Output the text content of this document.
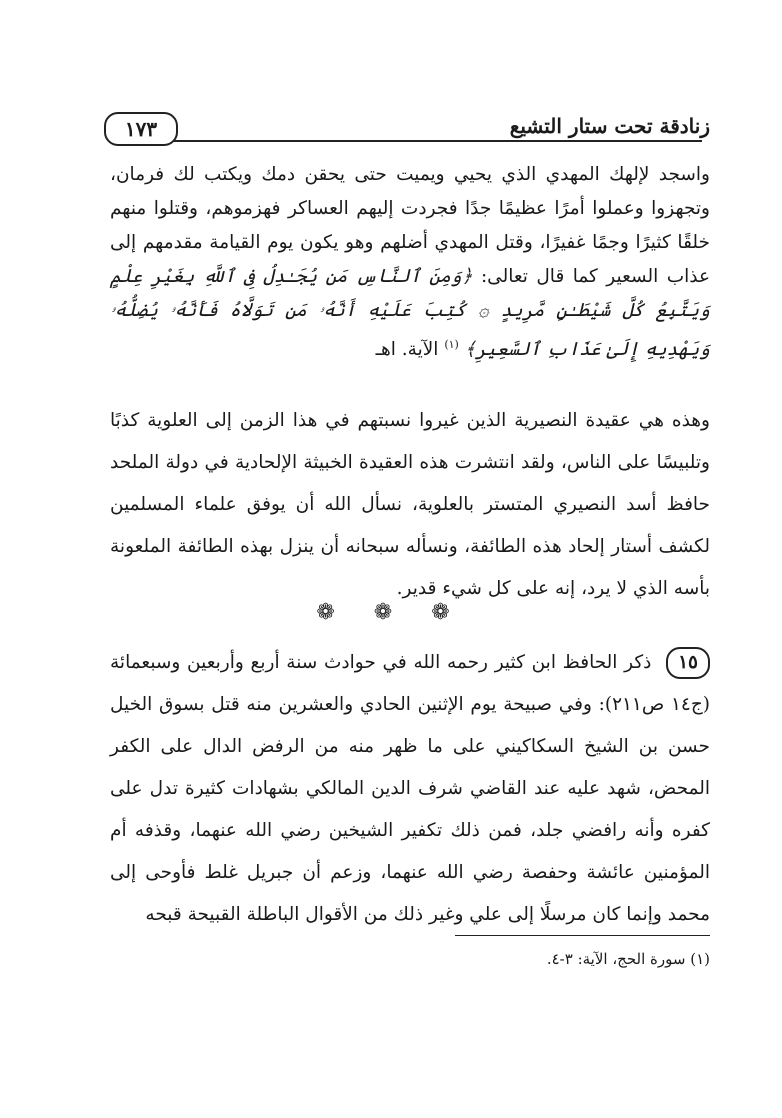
زنادقة تحت ستار التشيع
١٧٣
واسجد لإلهك المهدي الذي يحيي ويميت حتى يحقن دمك ويكتب لك فرمان، وتجهزوا وعملوا أمرًا عظيمًا جدًا فجردت إليهم العساكر فهزموهم، وقتلوا منهم خلقًا كثيرًا وجمًا غفيرًا، وقتل المهدي أضلهم وهو يكون يوم القيامة مقدمهم إلى عذاب السعير كما قال تعالى: ﴿وَمِنَ ٱلنَّاسِ مَن يُجَـٰدِلُ فِى ٱللَّهِ بِغَيْرِ عِلْمٍ وَيَتَّبِعُ كُلَّ شَيْطَـٰنٍ مَّرِيدٍ ۞ كُتِبَ عَلَيْهِ أَنَّهُۥ مَن تَوَلَّاهُ فَأَنَّهُۥ يُضِلُّهُۥ وَيَهْدِيهِ إِلَىٰ عَذَابِ ٱلسَّعِيرِ﴾ $^{(١)}$ الآية. اهـ
وهذه هي عقيدة النصيرية الذين غيروا نسبتهم في هذا الزمن إلى العلوية كذبًا وتلبيسًا على الناس، ولقد انتشرت هذه العقيدة الخبيثة الإلحادية في دولة الملحد حافظ أسد النصيري المتستر بالعلوية، نسأل الله أن يوفق علماء المسلمين لكشف أستار إلحاد هذه الطائفة، ونسأله سبحانه أن ينزل بهذه الطائفة الملعونة بأسه الذي لا يرد، إنه على كل شيء قدير.
❁ ❁ ❁
١٥ ذكر الحافظ ابن كثير رحمه الله في حوادث سنة أربع وأربعين وسبعمائة (ج١٤ ص٢١١): وفي صبيحة يوم الإثنين الحادي والعشرين منه قتل بسوق الخيل حسن بن الشيخ السكاكيني على ما ظهر منه من الرفض الدال على الكفر المحض، شهد عليه عند القاضي شرف الدين المالكي بشهادات كثيرة تدل على كفره وأنه رافضي جلد، فمن ذلك تكفير الشيخين رضي الله عنهما، وقذفه أم المؤمنين عائشة وحفصة رضي الله عنهما، وزعم أن جبريل غلط فأوحى إلى محمد وإنما كان مرسلًا إلى علي وغير ذلك من الأقوال الباطلة القبيحة قبحه
(١) سورة الحج، الآية: ٣-٤.
